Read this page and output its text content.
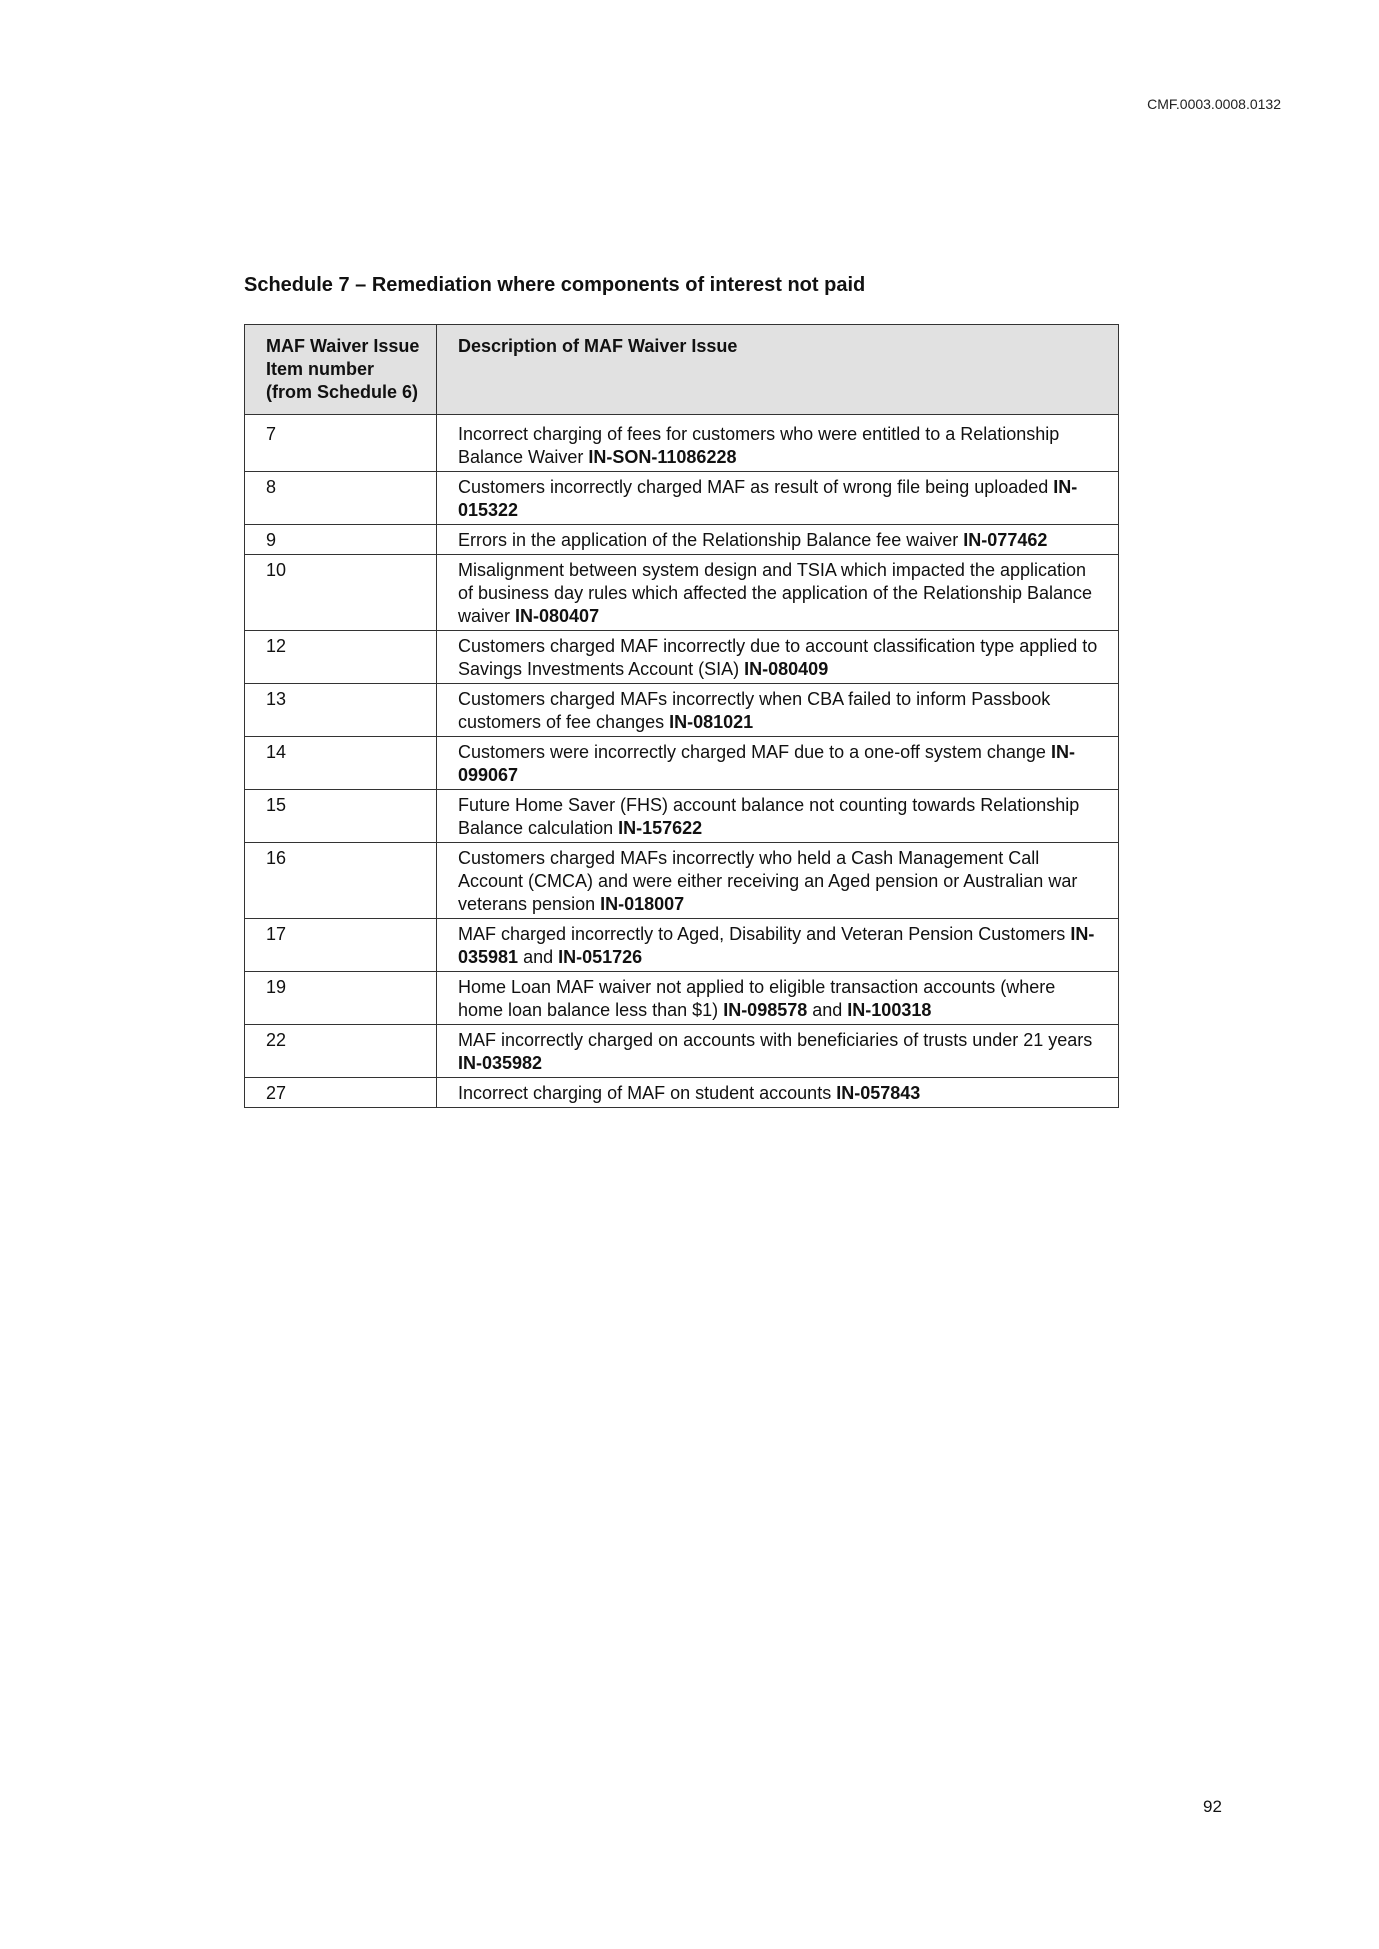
CMF.0003.0008.0132
Schedule 7 – Remediation where components of interest not paid
MAF Waiver Issue Item number (from Schedule 6)	Description of MAF Waiver Issue
7	Incorrect charging of fees for customers who were entitled to a Relationship Balance Waiver IN-SON-11086228
8	Customers incorrectly charged MAF as result of wrong file being uploaded IN-015322
9	Errors in the application of the Relationship Balance fee waiver IN-077462
10	Misalignment between system design and TSIA which impacted the application of business day rules which affected the application of the Relationship Balance waiver IN-080407
12	Customers charged MAF incorrectly due to account classification type applied to Savings Investments Account (SIA) IN-080409
13	Customers charged MAFs incorrectly when CBA failed to inform Passbook customers of fee changes IN-081021
14	Customers were incorrectly charged MAF due to a one-off system change IN-099067
15	Future Home Saver (FHS) account balance not counting towards Relationship Balance calculation IN-157622
16	Customers charged MAFs incorrectly who held a Cash Management Call Account (CMCA) and were either receiving an Aged pension or Australian war veterans pension IN-018007
17	MAF charged incorrectly to Aged, Disability and Veteran Pension Customers IN-035981 and IN-051726
19	Home Loan MAF waiver not applied to eligible transaction accounts (where home loan balance less than $1) IN-098578 and IN-100318
22	MAF incorrectly charged on accounts with beneficiaries of trusts under 21 years IN-035982
27	Incorrect charging of MAF on student accounts IN-057843
92
